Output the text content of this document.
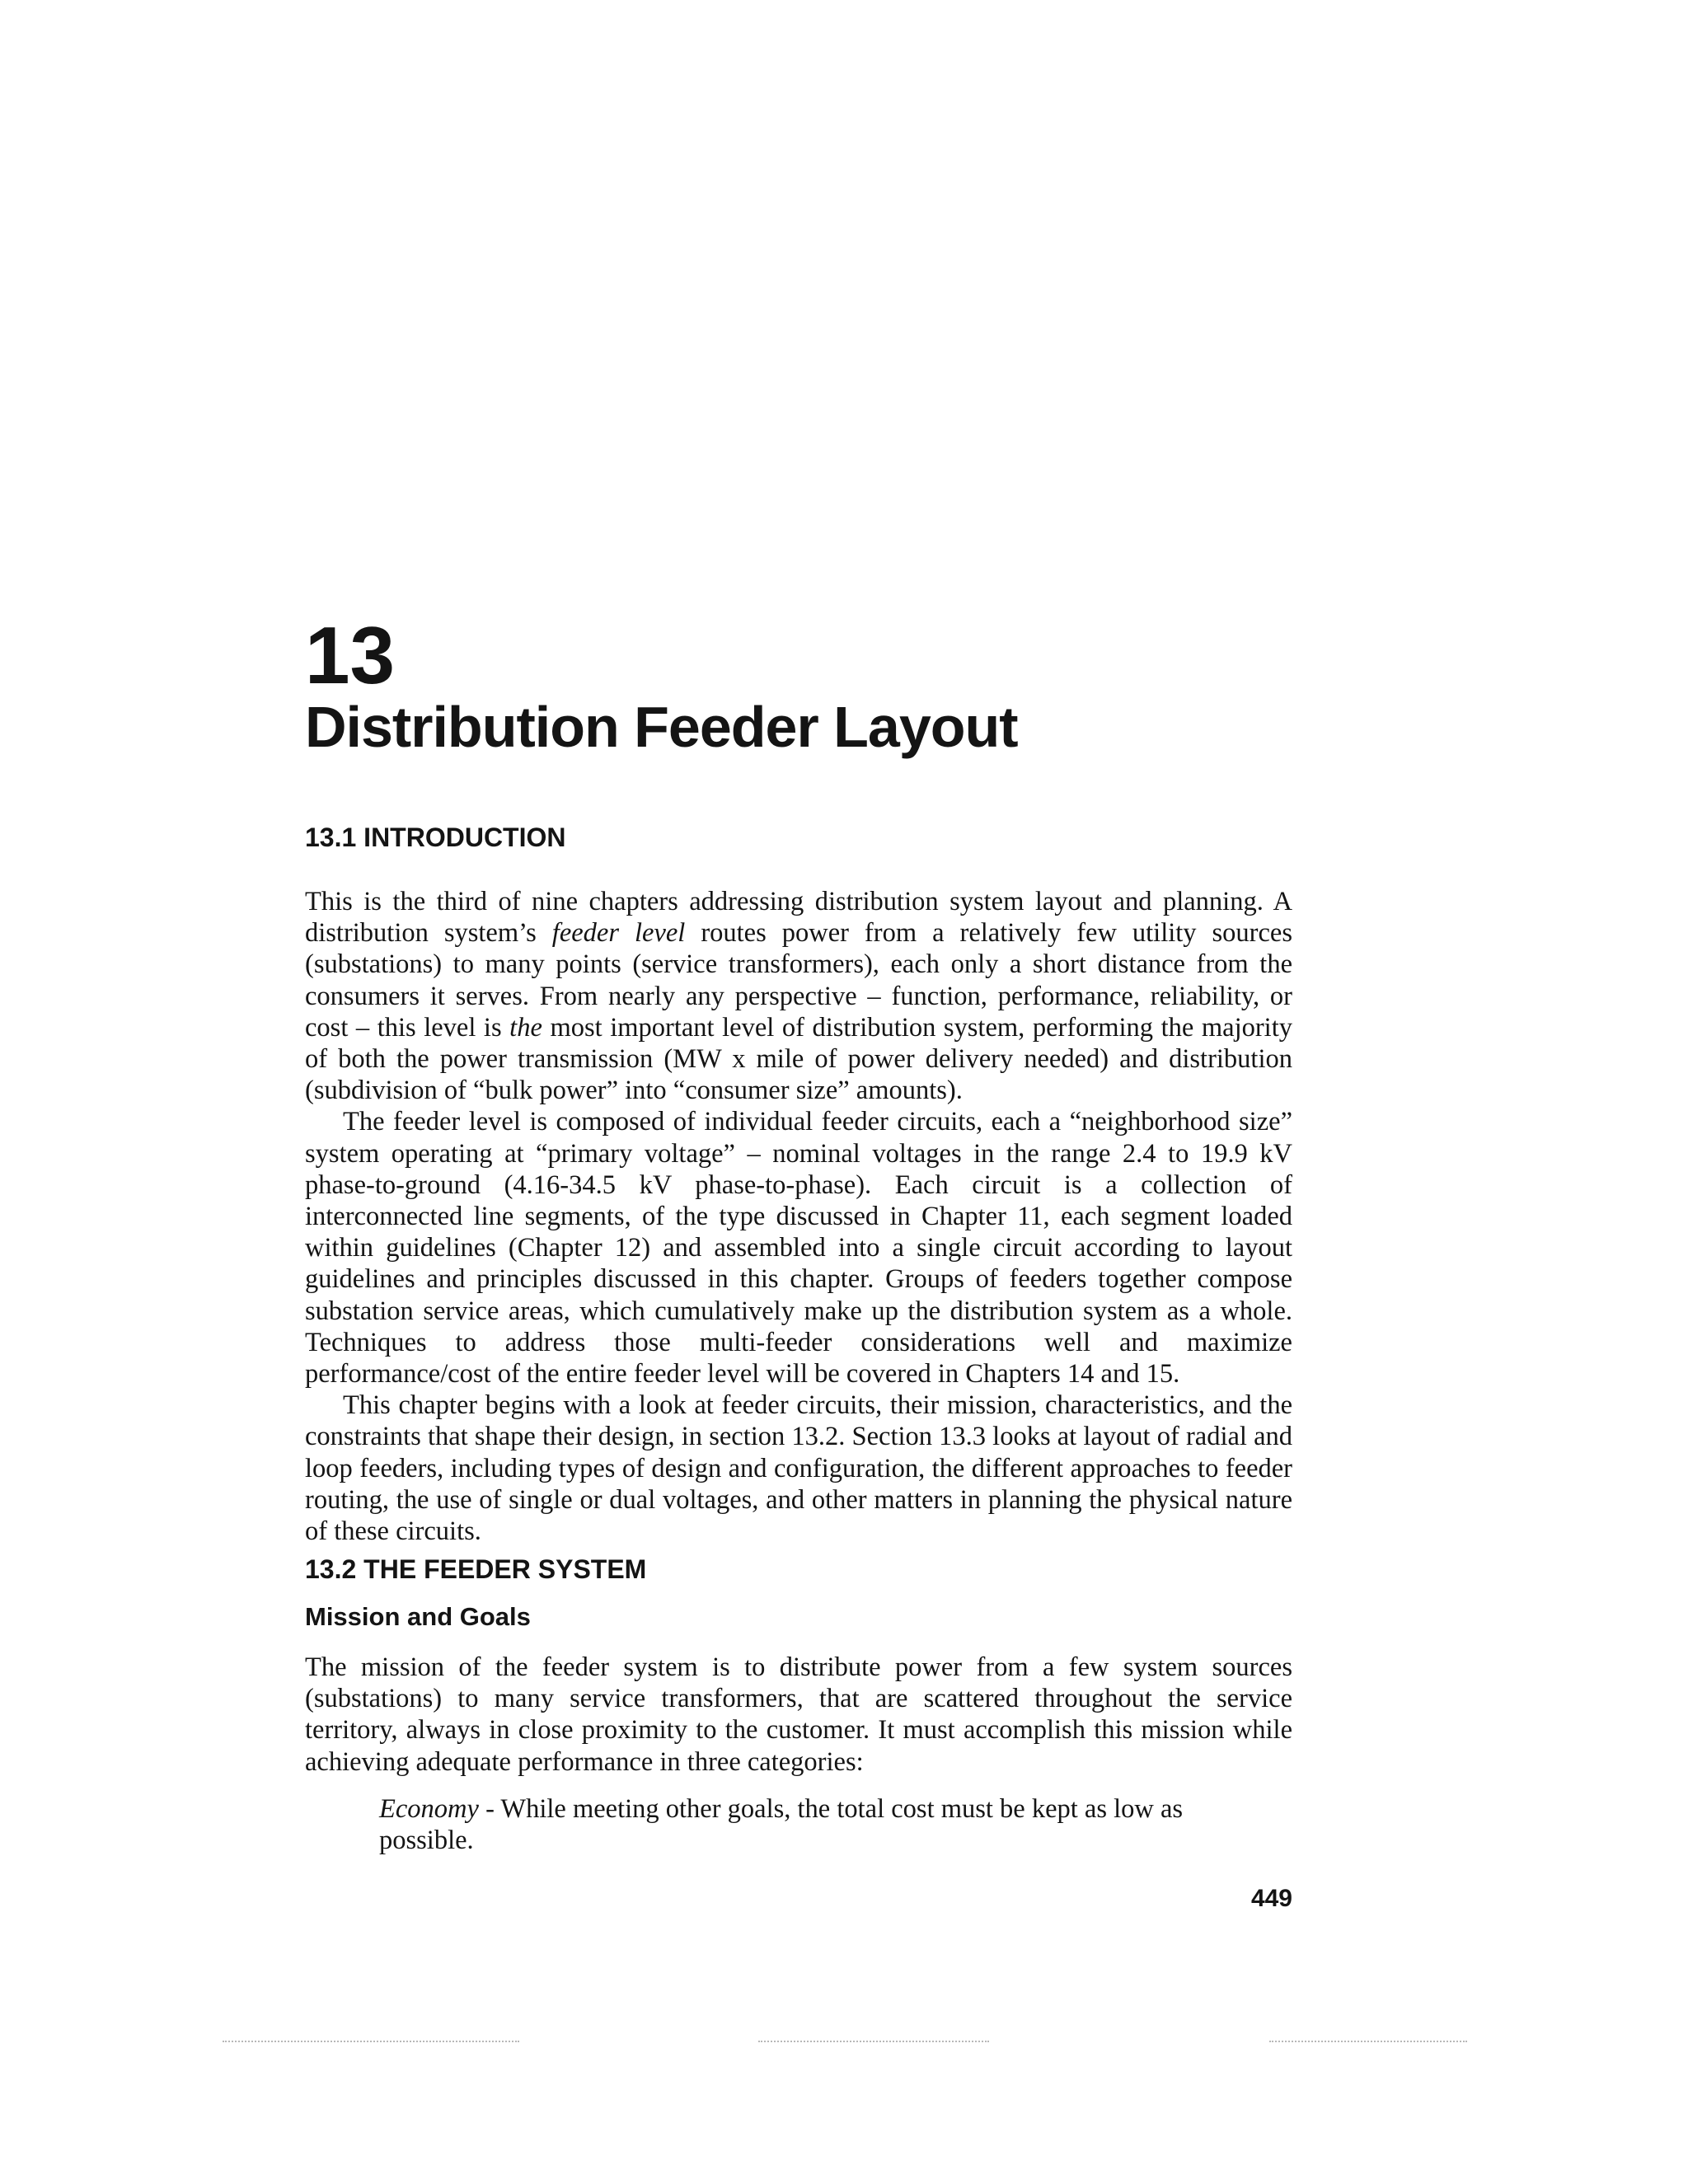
13
Distribution Feeder Layout
13.1 INTRODUCTION

This is the third of nine chapters addressing distribution system layout and planning. A distribution system’s feeder level routes power from a relatively few utility sources (substations) to many points (service transformers), each only a short distance from the consumers it serves. From nearly any perspective – function, performance, reliability, or cost – this level is the most important level of distribution system, performing the majority of both the power transmission (MW x mile of power delivery needed) and distribution (subdivision of “bulk power” into “consumer size” amounts).

The feeder level is composed of individual feeder circuits, each a “neighborhood size” system operating at “primary voltage” – nominal voltages in the range 2.4 to 19.9 kV phase-to-ground (4.16-34.5 kV phase-to-phase). Each circuit is a collection of interconnected line segments, of the type discussed in Chapter 11, each segment loaded within guidelines (Chapter 12) and assembled into a single circuit according to layout guidelines and principles discussed in this chapter. Groups of feeders together compose substation service areas, which cumulatively make up the distribution system as a whole. Techniques to address those multi-feeder considerations well and maximize performance/cost of the entire feeder level will be covered in Chapters 14 and 15.

This chapter begins with a look at feeder circuits, their mission, characteristics, and the constraints that shape their design, in section 13.2. Section 13.3 looks at layout of radial and loop feeders, including types of design and configuration, the different approaches to feeder routing, the use of single or dual voltages, and other matters in planning the physical nature of these circuits.

13.2 THE FEEDER SYSTEM
Mission and Goals

The mission of the feeder system is to distribute power from a few system sources (substations) to many service transformers, that are scattered throughout the service territory, always in close proximity to the customer. It must accomplish this mission while achieving adequate performance in three categories:

Economy - While meeting other goals, the total cost must be kept as low as possible.

449
